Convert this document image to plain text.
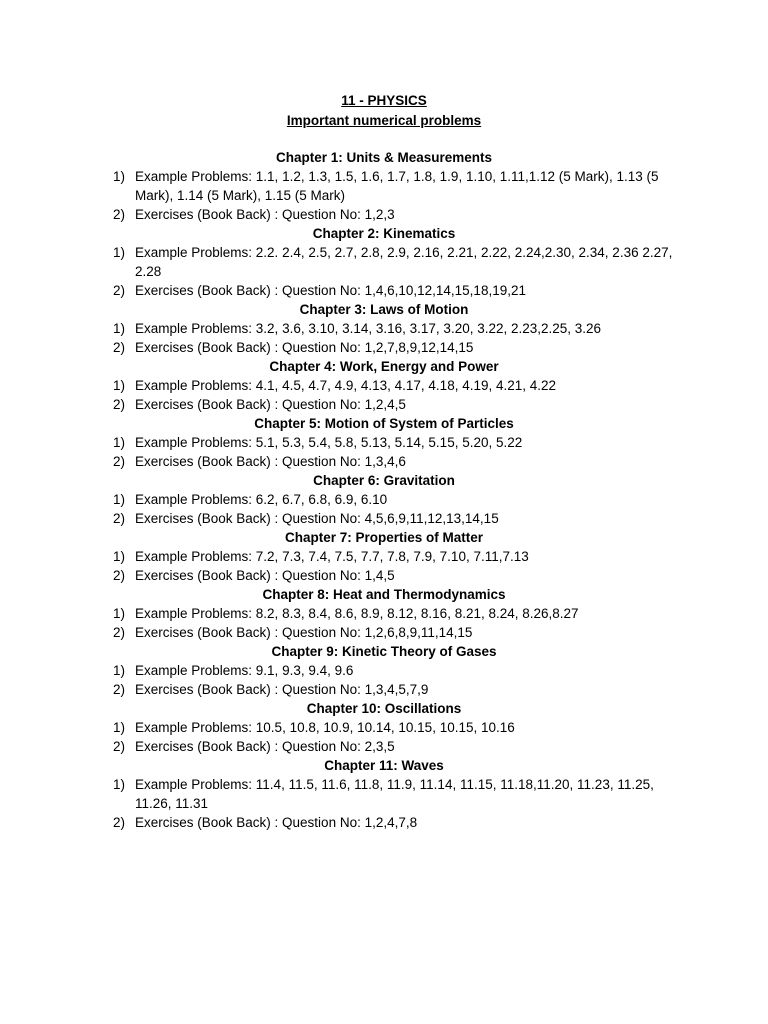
11 - PHYSICS
Important numerical problems
Chapter 1: Units & Measurements
1) Example Problems: 1.1, 1.2, 1.3, 1.5, 1.6, 1.7, 1.8, 1.9, 1.10, 1.11,1.12 (5 Mark), 1.13 (5 Mark), 1.14 (5 Mark), 1.15 (5 Mark)
2) Exercises (Book Back) : Question No: 1,2,3
Chapter 2: Kinematics
1) Example Problems: 2.2. 2.4, 2.5, 2.7, 2.8, 2.9, 2.16, 2.21, 2.22, 2.24,2.30, 2.34, 2.36 2.27, 2.28
2) Exercises (Book Back) : Question No: 1,4,6,10,12,14,15,18,19,21
Chapter 3: Laws of Motion
1) Example Problems: 3.2, 3.6, 3.10, 3.14, 3.16, 3.17, 3.20, 3.22, 2.23,2.25, 3.26
2) Exercises (Book Back) : Question No: 1,2,7,8,9,12,14,15
Chapter 4: Work, Energy and Power
1) Example Problems: 4.1, 4.5, 4.7, 4.9, 4.13, 4.17, 4.18, 4.19, 4.21, 4.22
2) Exercises (Book Back) : Question No: 1,2,4,5
Chapter 5: Motion of System of Particles
1) Example Problems: 5.1, 5.3, 5.4, 5.8, 5.13, 5.14, 5.15, 5.20, 5.22
2) Exercises (Book Back) : Question No: 1,3,4,6
Chapter 6: Gravitation
1) Example Problems: 6.2, 6.7, 6.8, 6.9, 6.10
2) Exercises (Book Back) : Question No: 4,5,6,9,11,12,13,14,15
Chapter 7: Properties of Matter
1) Example Problems: 7.2, 7.3, 7.4, 7.5, 7.7, 7.8, 7.9, 7.10, 7.11,7.13
2) Exercises (Book Back) : Question No: 1,4,5
Chapter 8: Heat and Thermodynamics
1) Example Problems: 8.2, 8.3, 8.4, 8.6, 8.9, 8.12, 8.16, 8.21, 8.24, 8.26,8.27
2) Exercises (Book Back) : Question No: 1,2,6,8,9,11,14,15
Chapter 9: Kinetic Theory of Gases
1) Example Problems: 9.1, 9.3, 9.4, 9.6
2) Exercises (Book Back) : Question No: 1,3,4,5,7,9
Chapter 10: Oscillations
1) Example Problems: 10.5, 10.8, 10.9, 10.14, 10.15, 10.15, 10.16
2) Exercises (Book Back) : Question No: 2,3,5
Chapter 11: Waves
1) Example Problems: 11.4, 11.5, 11.6, 11.8, 11.9, 11.14, 11.15, 11.18,11.20, 11.23, 11.25, 11.26, 11.31
2) Exercises (Book Back) : Question No: 1,2,4,7,8
